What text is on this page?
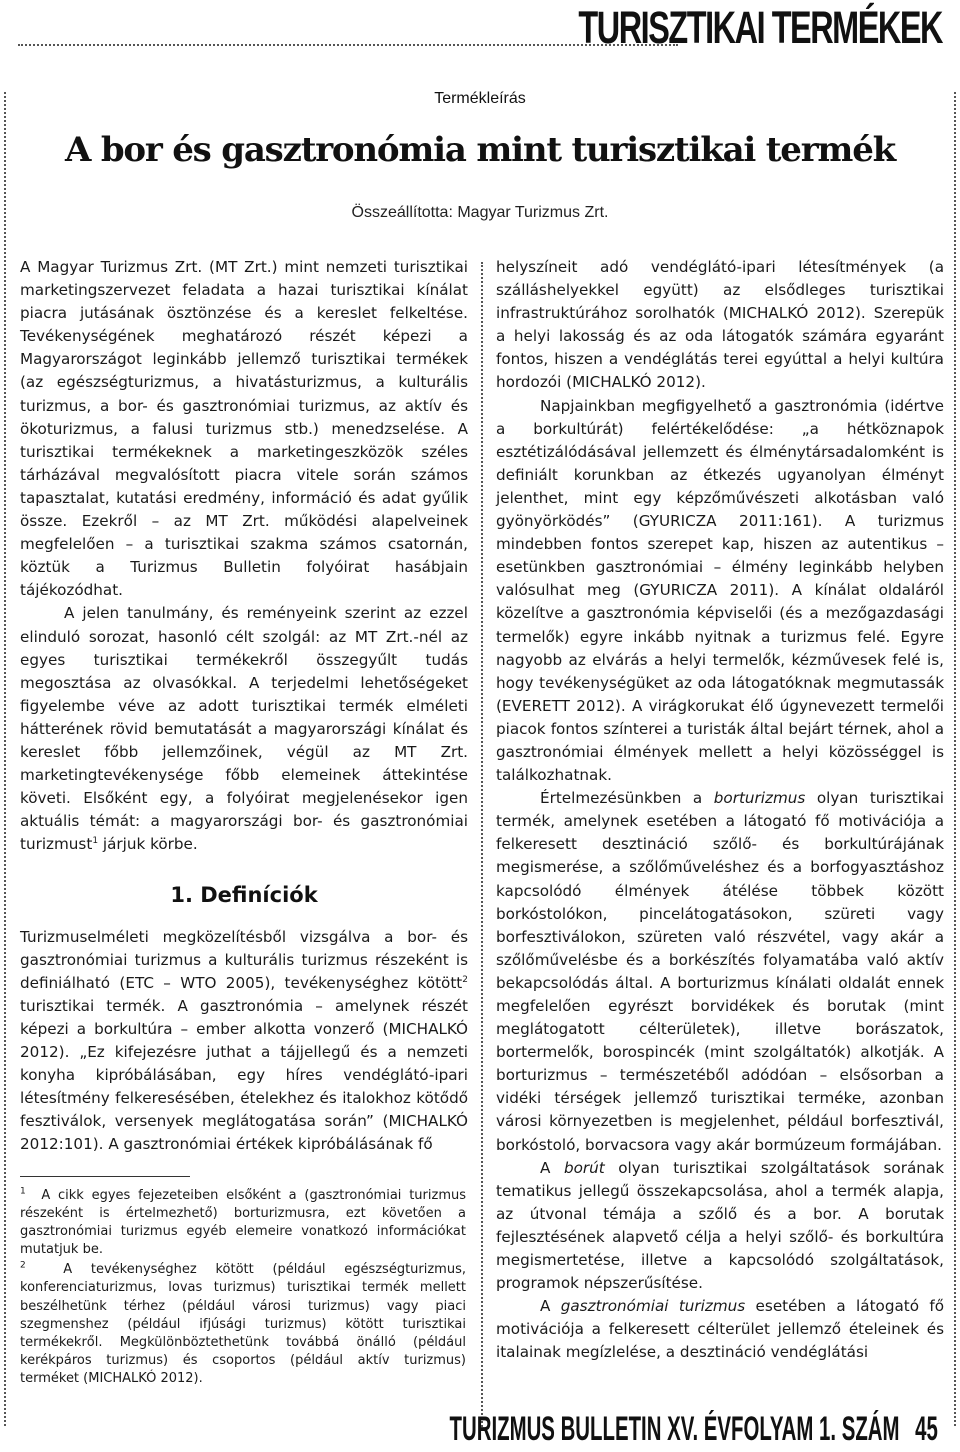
TURISZTIKAI TERMÉKEK
Termékleírás
A bor és gasztronómia mint turisztikai termék
Összeállította: Magyar Turizmus Zrt.

A Magyar Turizmus Zrt. (MT Zrt.) mint nemzeti turisztikai marketingszervezet feladata a hazai turisztikai kínálat piacra jutásának ösztönzése és a kereslet felkeltése. Tevékenységének meghatározó részét képezi a Magyarországot leginkább jellemző turisztikai termékek (az egészségturizmus, a hivatásturizmus, a kulturális turizmus, a bor- és gasztronómiai turizmus, az aktív és ökoturizmus, a falusi turizmus stb.) menedzselése. A turisztikai termékeknek a marketingeszközök széles tárházával megvalósított piacra vitele során számos tapasztalat, kutatási eredmény, információ és adat gyűlik össze. Ezekről – az MT Zrt. működési alapelveinek megfelelően – a turisztikai szakma számos csatornán, köztük a Turizmus Bulletin folyóirat hasábjain tájékozódhat.

A jelen tanulmány, és reményeink szerint az ezzel elinduló sorozat, hasonló célt szolgál: az MT Zrt.-nél az egyes turisztikai termékekről összegyűlt tudás megosztása az olvasókkal. A terjedelmi lehetőségeket figyelembe véve az adott turisztikai termék elméleti hátterének rövid bemutatását a magyarországi kínálat és kereslet főbb jellemzőinek, végül az MT Zrt. marketingtevékenysége főbb elemeinek áttekintése követi. Elsőként egy, a folyóirat megjelenésekor igen aktuális témát: a magyarországi bor- és gasztronómiai turizmust$^1$ járjuk körbe.

1. Definíciók

Turizmuselméleti megközelítésből vizsgálva a bor- és gasztronómiai turizmus a kulturális turizmus részeként is definiálható (ETC – WTO 2005), tevékenységhez kötött$^2$ turisztikai termék. A gasztronómia – amelynek részét képezi a borkultúra – ember alkotta vonzerő (MICHALKÓ 2012). „Ez kifejezésre juthat a tájjellegű és a nemzeti konyha kipróbálásában, egy híres vendéglátó-ipari létesítmény felkeresésében, ételekhez és italokhoz kötődő fesztiválok, versenyek meglátogatása során” (MICHALKÓ 2012:101). A gasztronómiai értékek kipróbálásának fő

$^1$ A cikk egyes fejezeteiben elsőként a (gasztronómiai turizmus részeként is értelmezhető) borturizmusra, ezt követően a gasztronómiai turizmus egyéb elemeire vonatkozó információkat mutatjuk be.

$^2$	A tevékenységhez kötött (például egészségturizmus, konferenciaturizmus, lovas turizmus) turisztikai termék mellett beszélhetünk térhez (például városi turizmus) vagy piaci szegmenshez (például ifjúsági turizmus) kötött turisztikai termékekről. Megkülönböztethetünk továbbá önálló (például kerékpáros turizmus) és csoportos (például aktív turizmus) terméket (MICHALKÓ 2012).

helyszíneit adó vendéglátó-ipari létesítmények (a szálláshelyekkel együtt) az elsődleges turisztikai infrastruktúrához sorolhatók (MICHALKÓ 2012). Szerepük a helyi lakosság és az oda látogatók számára egyaránt fontos, hiszen a vendéglátás terei egyúttal a helyi kultúra hordozói (MICHALKÓ 2012).

Napjainkban megfigyelhető a gasztronómia (idértve a borkultúrát) felértékelődése: „a hétköznapok esztétizálódásával jellemzett és élménytársadalomként is definiált korunkban az étkezés ugyanolyan élményt jelenthet, mint egy képzőművészeti alkotásban való gyönyörködés” (GYURICZA 2011:161). A turizmus mindebben fontos szerepet kap, hiszen az autentikus – esetünkben gasztronómiai – élmény leginkább helyben valósulhat meg (GYURICZA 2011). A kínálat oldaláról közelítve a gasztronómia képviselői (és a mezőgazdasági termelők) egyre inkább nyitnak a turizmus felé. Egyre nagyobb az elvárás a helyi termelők, kézművesek felé is, hogy tevékenységüket az oda látogatóknak megmutassák (EVERETT 2012). A virágkorukat élő úgynevezett termelői piacok fontos színterei a turisták által bejárt térnek, ahol a gasztronómiai élmények mellett a helyi közösséggel is találkozhatnak.

Értelmezésünkben a borturizmus olyan turisztikai termék, amelynek esetében a látogató fő motivációja a felkeresett desztináció szőlő- és borkultúrájának megismerése, a szőlőműveléshez és a borfogyasztáshoz kapcsolódó élmények átélése többek között borkóstolókon, pincelátogatásokon, szüreti vagy borfesztiválokon, szüreten való részvétel, vagy akár a szőlőművelésbe és a borkészítés folyamatába való aktív bekapcsolódás által. A borturizmus kínálati oldalát ennek megfelelően egyrészt borvidékek és borutak (mint meglátogatott célterületek), illetve borászatok, bortermelők, borospincék (mint szolgáltatók) alkotják. A borturizmus – természetéből adódóan – elsősorban a vidéki térségek jellemző turisztikai terméke, azonban városi környezetben is megjelenhet, például borfesztivál, borkóstoló, borvacsora vagy akár bormúzeum formájában.

A borút olyan turisztikai szolgáltatások sorának tematikus jellegű összekapcsolása, ahol a termék alapja, az útvonal témája a szőlő és a bor. A borutak fejlesztésének alapvető célja a helyi szőlő- és borkultúra megismertetése, illetve a kapcsolódó szolgáltatások, programok népszerűsítése.

A gasztronómiai turizmus esetében a látogató fő motivációja a felkeresett célterület jellemző ételeinek és italainak megízlelése, a desztináció vendéglátási

TURIZMUS BULLETIN XV. ÉVFOLYAM 1. SZÁM 45
